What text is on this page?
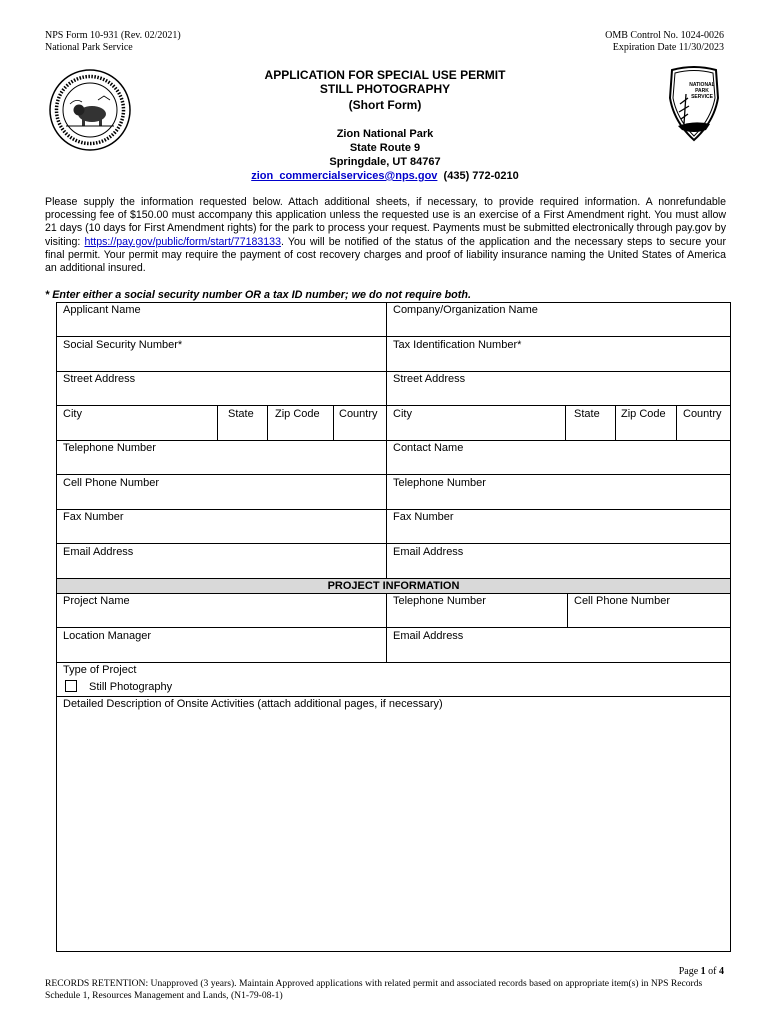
NPS Form 10-931 (Rev. 02/2021)
National Park Service
OMB Control No. 1024-0026
Expiration Date 11/30/2023
NATIONAL
PARK
SERVICE
APPLICATION FOR SPECIAL USE PERMIT
STILL PHOTOGRAPHY
(Short Form)
Zion National Park
State Route 9
Springdale, UT 84767
zion_commercialservices@nps.gov (435) 772-0210
Please supply the information requested below. Attach additional sheets, if necessary, to provide required information. A nonrefundable processing fee of $150.00 must accompany this application unless the requested use is an exercise of a First Amendment right. You must allow 21 days (10 days for First Amendment rights) for the park to process your request. Payments must be submitted electronically through pay.gov by visiting: https://pay.gov/public/form/start/77183133. You will be notified of the status of the application and the necessary steps to secure your final permit. Your permit may require the payment of cost recovery charges and proof of liability insurance naming the United States of America an additional insured.
* Enter either a social security number OR a tax ID number; we do not require both.
Applicant Name	Company/Organization Name
Social Security Number*	Tax Identification Number*
Street Address	Street Address
City	State Zip Code Country City	State Zip Code Country
Telephone Number	Contact Name
Cell Phone Number	Telephone Number
Fax Number	Fax Number
Email Address	Email Address
PROJECT INFORMATION
Project Name	Telephone Number	Cell Phone Number
Location Manager	Email Address
Type of Project
Still Photography
Detailed Description of Onsite Activities (attach additional pages, if necessary)
Page 1 of 4
RECORDS RETENTION: Unapproved (3 years). Maintain Approved applications with related permit and associated records based on appropriate item(s) in NPS Records Schedule 1, Resources Management and Lands, (N1-79-08-1)
